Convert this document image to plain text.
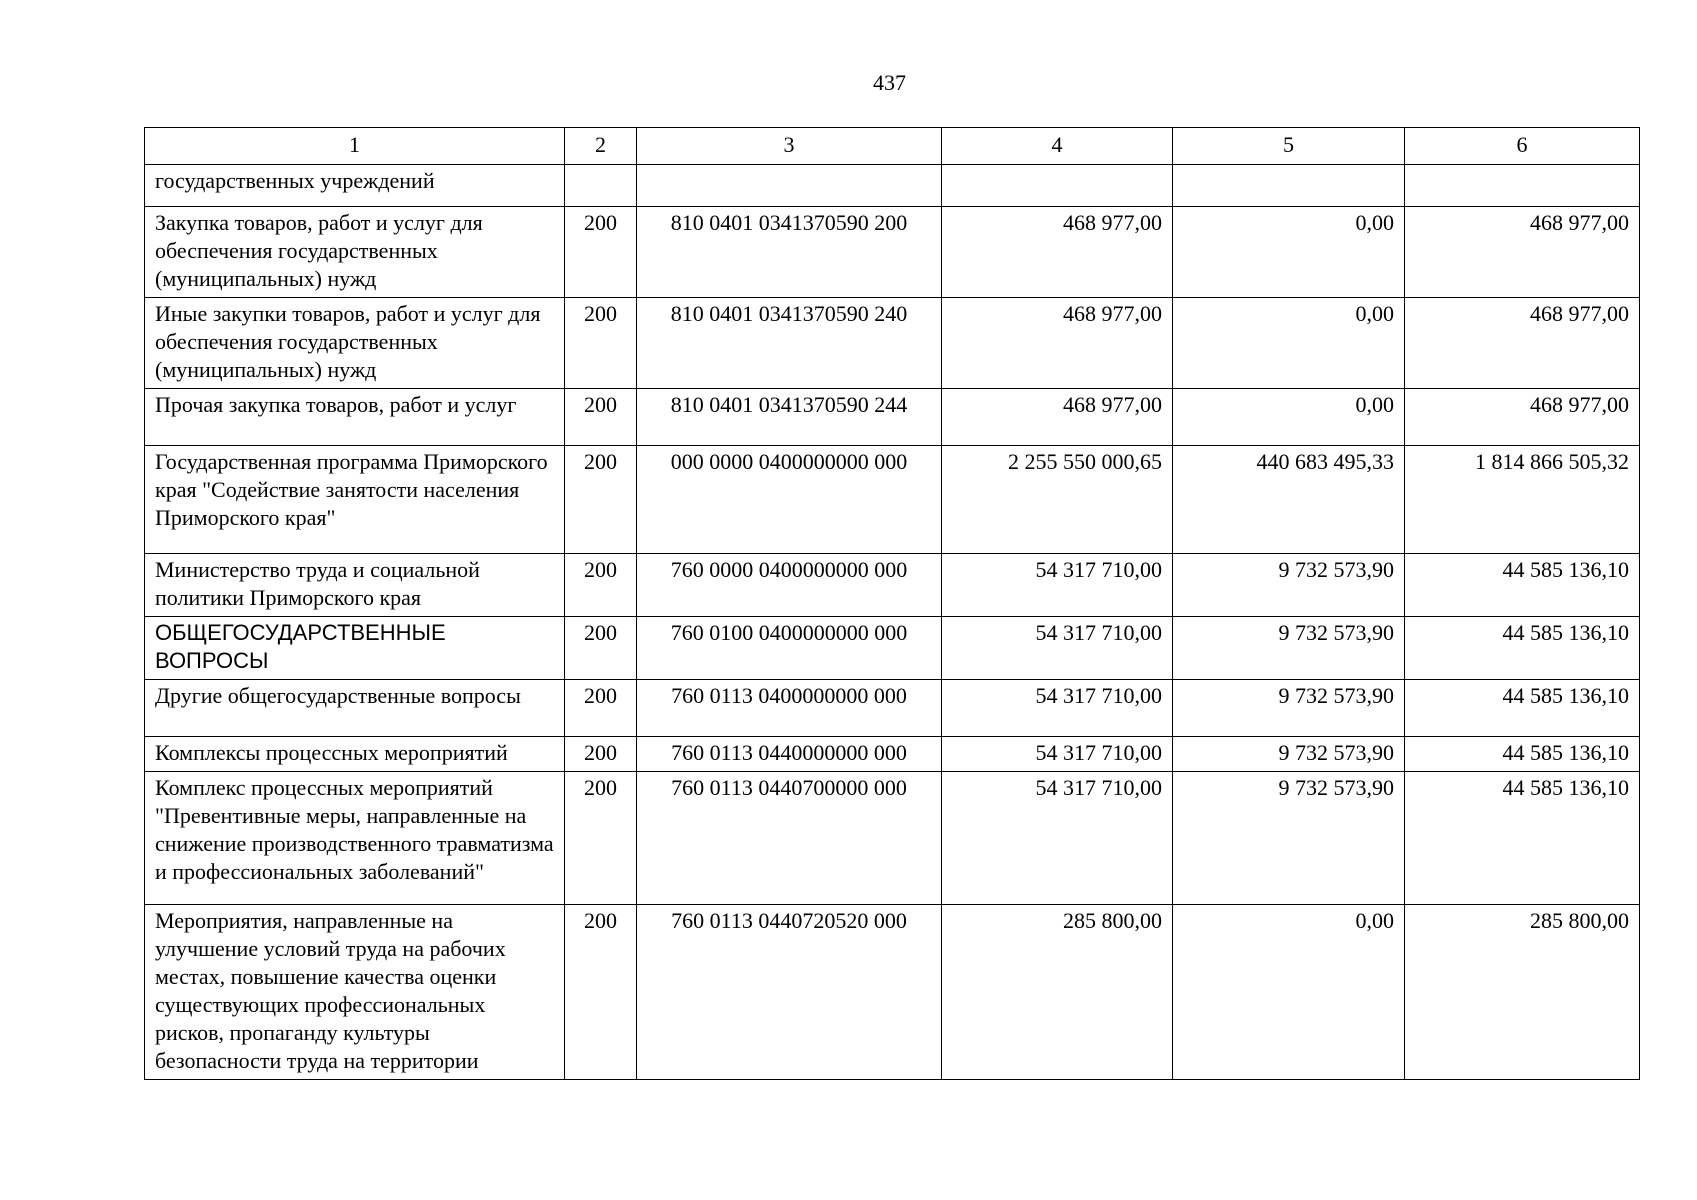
437
1	2	3	4	5	6
государственных учреждений					
Закупка товаров, работ и услуг для обеспечения государственных (муниципальных) нужд	200	810 0401 0341370590 200	468 977,00	0,00	468 977,00
Иные закупки товаров, работ и услуг для обеспечения государственных (муниципальных) нужд	200	810 0401 0341370590 240	468 977,00	0,00	468 977,00
Прочая закупка товаров, работ и услуг	200	810 0401 0341370590 244	468 977,00	0,00	468 977,00
Государственная программа Приморского края "Содействие занятости населения Приморского края"	200	000 0000 0400000000 000	2 255 550 000,65	440 683 495,33	1 814 866 505,32
Министерство труда и социальной политики Приморского края	200	760 0000 0400000000 000	54 317 710,00	9 732 573,90	44 585 136,10
ОБЩЕГОСУДАРСТВЕННЫЕ ВОПРОСЫ	200	760 0100 0400000000 000	54 317 710,00	9 732 573,90	44 585 136,10
Другие общегосударственные вопросы	200	760 0113 0400000000 000	54 317 710,00	9 732 573,90	44 585 136,10
Комплексы процессных мероприятий	200	760 0113 0440000000 000	54 317 710,00	9 732 573,90	44 585 136,10
Комплекс процессных мероприятий "Превентивные меры, направленные на снижение производственного травматизма и профессиональных заболеваний"	200	760 0113 0440700000 000	54 317 710,00	9 732 573,90	44 585 136,10
Мероприятия, направленные на улучшение условий труда на рабочих местах, повышение качества оценки существующих профессиональных рисков, пропаганду культуры безопасности труда на территории	200	760 0113 0440720520 000	285 800,00	0,00	285 800,00
